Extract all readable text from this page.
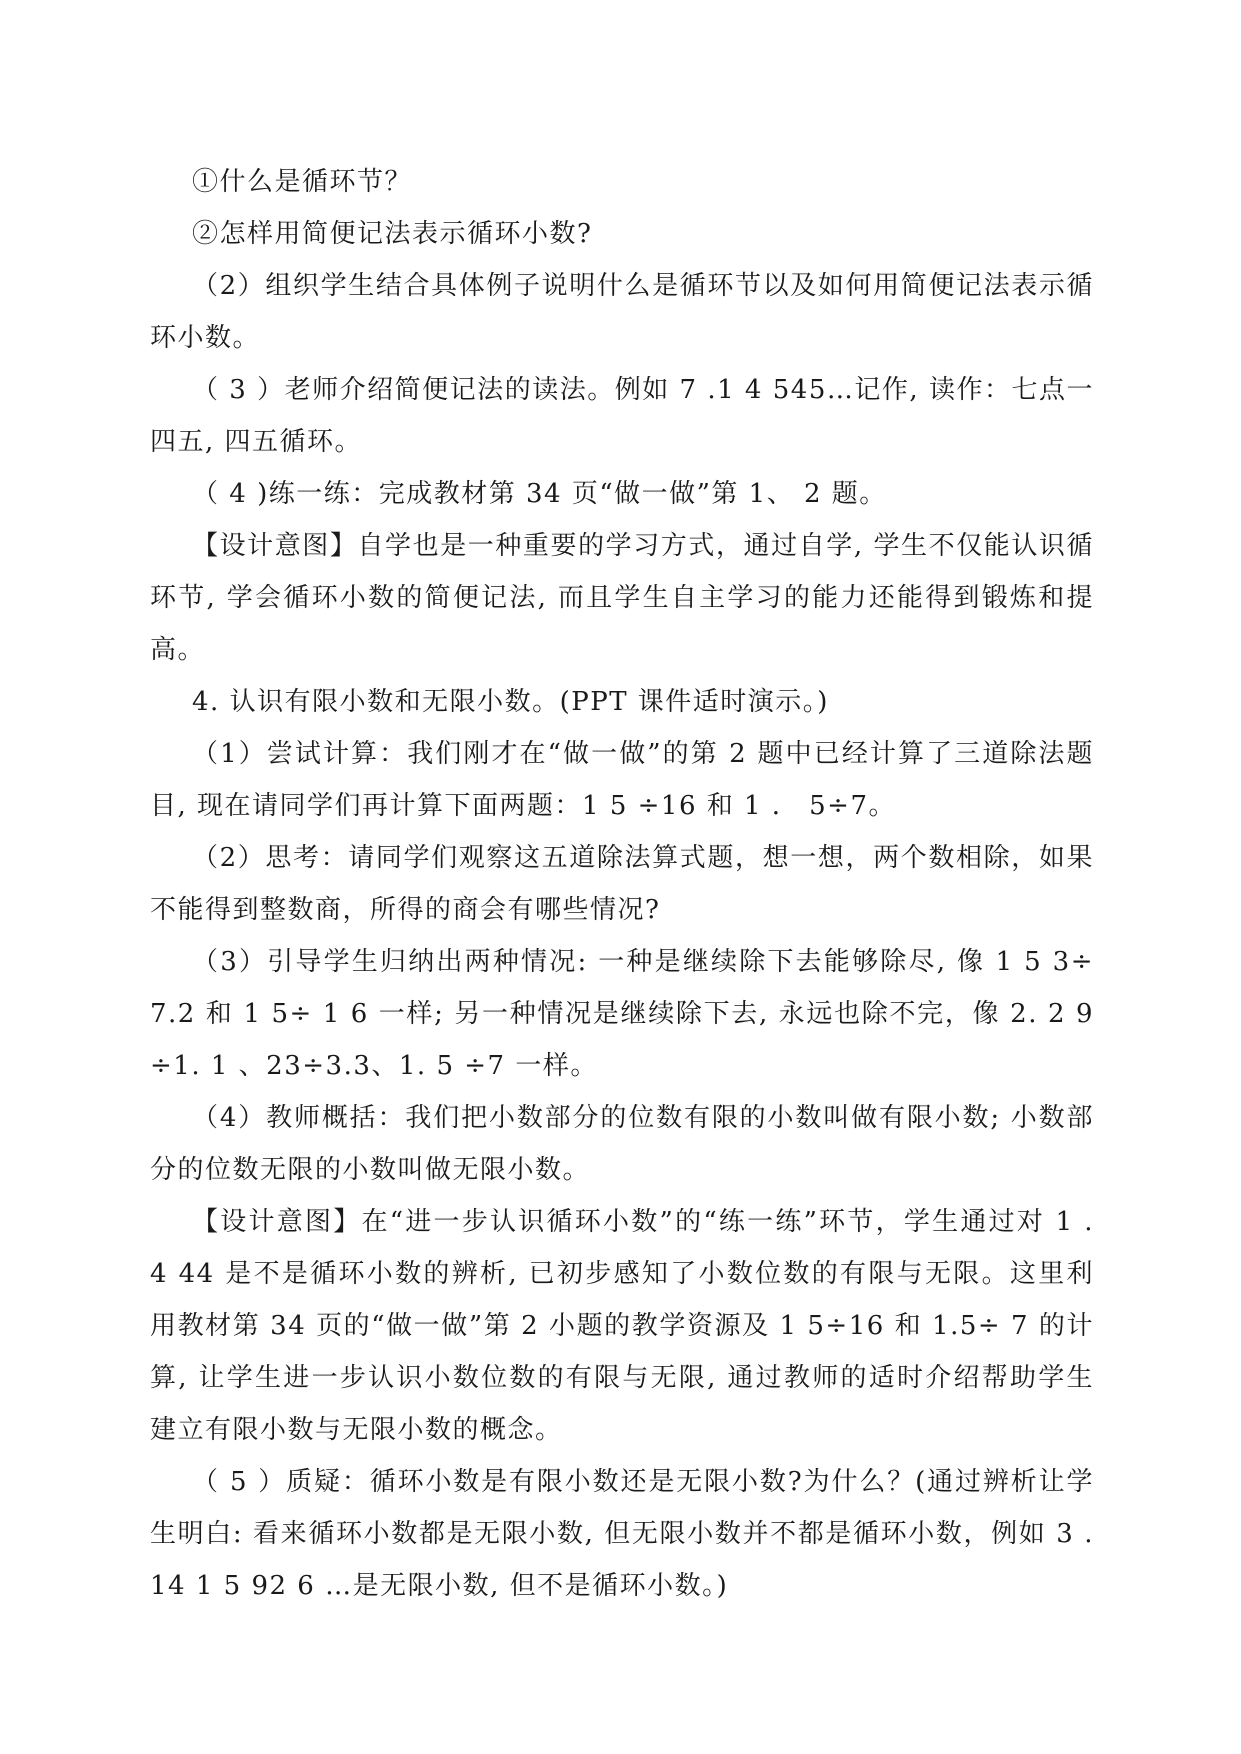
①什么是循环节？

②怎样用简便记法表示循环小数?

（2）组织学生结合具体例子说明什么是循环节以及如何用简便记法表示循环小数。

（ 3 ）老师介绍简便记法的读法。例如 7 .1 4 545…记作, 读作：七点一四五, 四五循环。

（ 4 )练一练：完成教材第 34 页“做一做”第 1、 2 题。

【设计意图】自学也是一种重要的学习方式，通过自学, 学生不仅能认识循环节, 学会循环小数的简便记法, 而且学生自主学习的能力还能得到锻炼和提高。

4. 认识有限小数和无限小数。(PPT 课件适时演示。)

（1）尝试计算：我们刚才在“做一做”的第 2 题中已经计算了三道除法题目, 现在请同学们再计算下面两题：1 5 ÷16 和 1 ． 5÷7。

（2）思考：请同学们观察这五道除法算式题，想一想，两个数相除，如果不能得到整数商，所得的商会有哪些情况?

（3）引导学生归纳出两种情况: 一种是继续除下去能够除尽, 像 1 5 3÷7.2 和 1 5÷ 1 6 一样; 另一种情况是继续除下去, 永远也除不完，像 2. 2 9÷1. 1 、23÷3.3、1. 5 ÷7 一样。

（4）教师概括：我们把小数部分的位数有限的小数叫做有限小数; 小数部分的位数无限的小数叫做无限小数。

【设计意图】在“进一步认识循环小数”的“练一练”环节，学生通过对 1 . 4 44 是不是循环小数的辨析, 已初步感知了小数位数的有限与无限。这里利用教材第 34 页的“做一做”第 2 小题的教学资源及 1 5÷16 和 1.5÷ 7 的计算, 让学生进一步认识小数位数的有限与无限, 通过教师的适时介绍帮助学生建立有限小数与无限小数的概念。

（ 5 ）质疑：循环小数是有限小数还是无限小数?为什么？(通过辨析让学生明白: 看来循环小数都是无限小数, 但无限小数并不都是循环小数，例如 3 .14 1 5 92 6 …是无限小数, 但不是循环小数。)
